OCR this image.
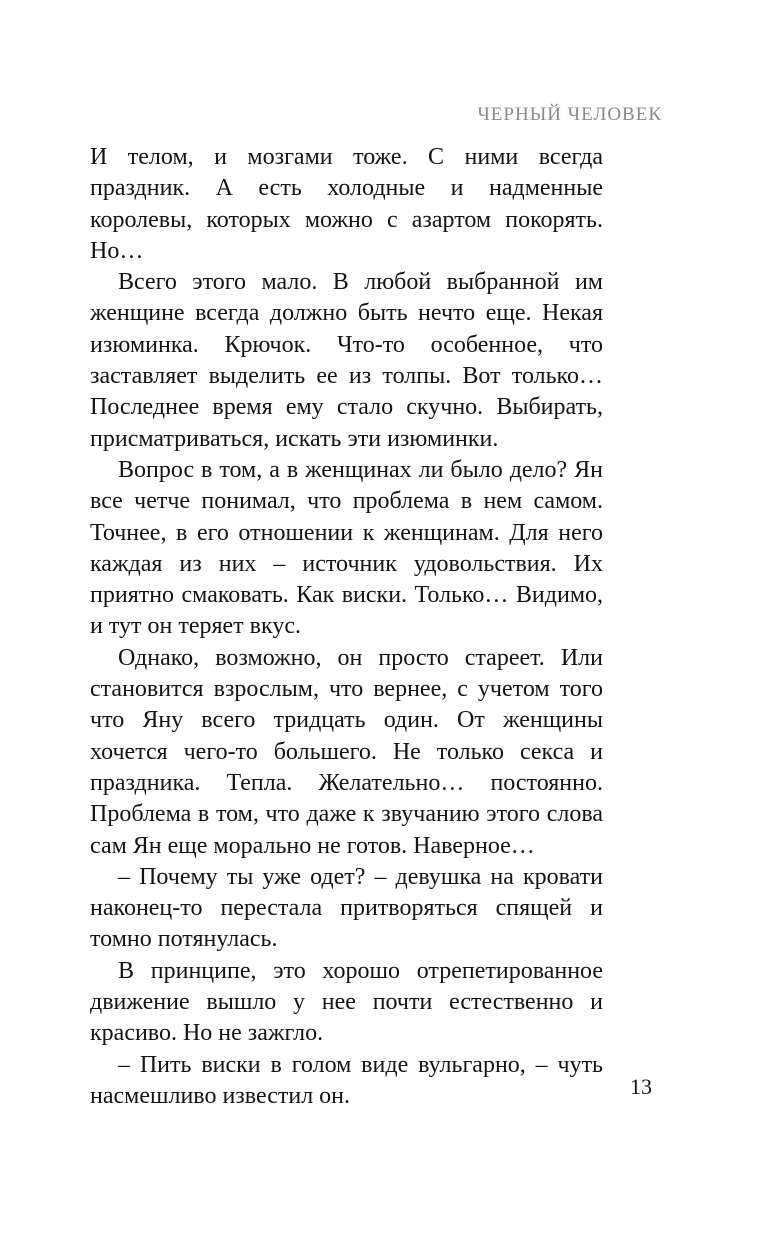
ЧЕРНЫЙ ЧЕЛОВЕК

И телом, и мозгами тоже. С ними всегда праздник. А есть холодные и надменные королевы, которых можно с азартом покорять. Но…

Всего этого мало. В любой выбранной им женщине всегда должно быть нечто еще. Некая изюминка. Крючок. Что-то особенное, что заставляет выделить ее из толпы. Вот только… Последнее время ему стало скучно. Выбирать, присматриваться, искать эти изюминки.

Вопрос в том, а в женщинах ли было дело? Ян все четче понимал, что проблема в нем самом. Точнее, в его отношении к женщинам. Для него каждая из них – источник удовольствия. Их приятно смаковать. Как виски. Только… Видимо, и тут он теряет вкус.

Однако, возможно, он просто стареет. Или становится взрослым, что вернее, с учетом того что Яну всего тридцать один. От женщины хочется чего-то большего. Не только секса и праздника. Тепла. Желательно… постоянно. Проблема в том, что даже к звучанию этого слова сам Ян еще морально не готов. Наверное…

– Почему ты уже одет? – девушка на кровати наконец-то перестала притворяться спящей и томно потянулась.

В принципе, это хорошо отрепетированное движение вышло у нее почти естественно и красиво. Но не зажгло.

– Пить виски в голом виде вульгарно, – чуть насмешливо известил он.	13
